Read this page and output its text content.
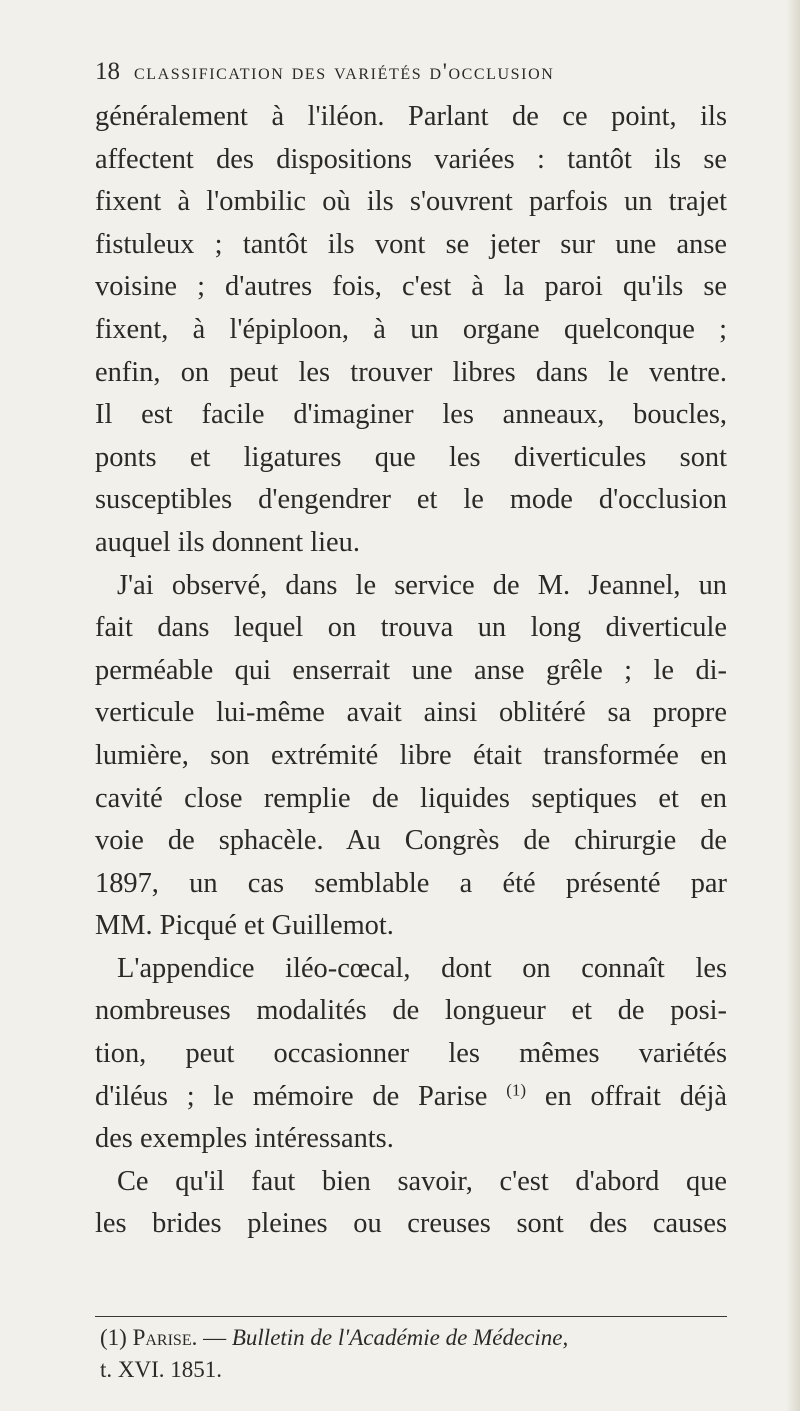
18 classification des variétés d'occlusion
généralement à l'iléon. Parlant de ce point, ils
affectent des dispositions variées : tantôt ils se
fixent à l'ombilic où ils s'ouvrent parfois un trajet
fistuleux ; tantôt ils vont se jeter sur une anse
voisine ; d'autres fois, c'est à la paroi qu'ils se
fixent, à l'épiploon, à un organe quelconque ;
enfin, on peut les trouver libres dans le ventre.
Il est facile d'imaginer les anneaux, boucles,
ponts et ligatures que les diverticules sont
susceptibles d'engendrer et le mode d'occlusion
auquel ils donnent lieu.
J'ai observé, dans le service de M. Jeannel, un
fait dans lequel on trouva un long diverticule
perméable qui enserrait une anse grêle ; le di-
verticule lui-même avait ainsi oblitéré sa propre
lumière, son extrémité libre était transformée en
cavité close remplie de liquides septiques et en
voie de sphacèle. Au Congrès de chirurgie de
1897, un cas semblable a été présenté par
MM. Picqué et Guillemot.
L'appendice iléo-cœcal, dont on connaît les
nombreuses modalités de longueur et de posi-
tion, peut occasionner les mêmes variétés
d'iléus ; le mémoire de Parise $^{(1)}$ en offrait déjà
des exemples intéressants.
Ce qu'il faut bien savoir, c'est d'abord que
les brides pleines ou creuses sont des causes
(1) Parise. — Bulletin de l'Académie de Médecine,
t. XVI. 1851.
